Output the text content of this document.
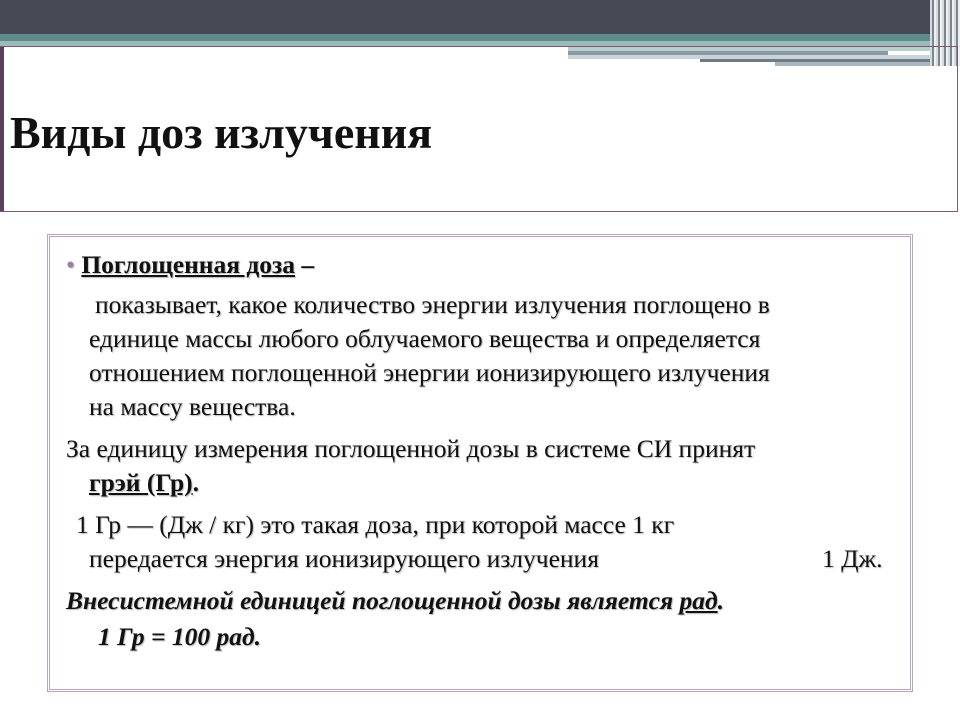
Виды доз излучения
• Поглощенная доза –
показывает, какое количество энергии излучения поглощено в
единице массы любого облучаемого вещества и определяется
отношением поглощенной энергии ионизирующего излучения
на массу вещества.
За единицу измерения поглощенной дозы в системе СИ принят
грэй (Гр).
1 Гр — (Дж / кг) это такая доза, при которой массе 1 кг
передается энергия ионизирующего излучения	1 Дж.
Внесистемной единицей поглощенной дозы является рад.
1 Гр = 100 рад.
